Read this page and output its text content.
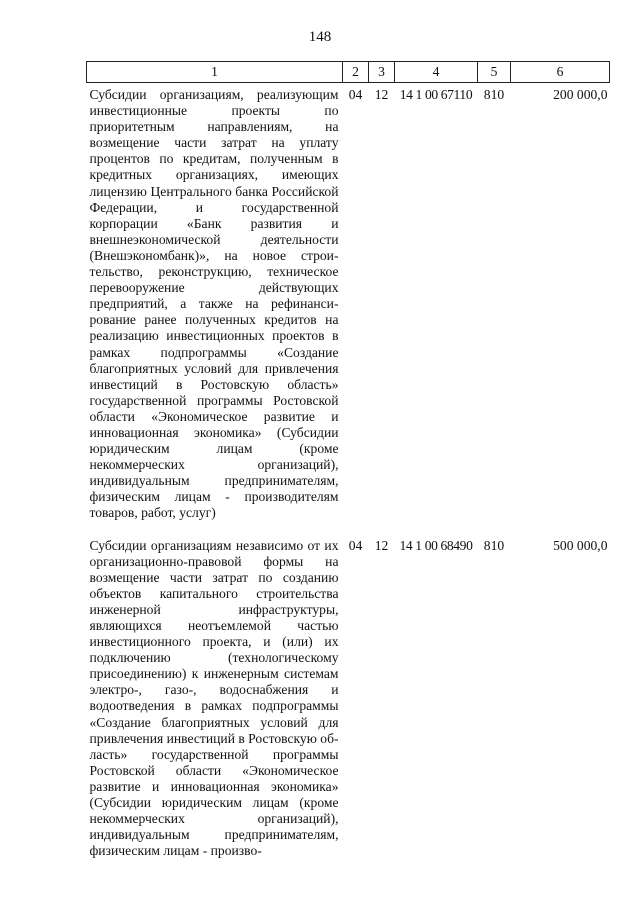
148
1	2	3	4	5	6
Субсидии организациям, реализующим инвестиционные проекты по приоритетным направлениям, на возмещение части затрат на уплату процентов по кредитам, полученным в кредитных организациях, имеющих лицензию Центрального банка Российской Федерации, и государственной корпорации «Банк развития и внешнеэкономической деятельности (Внешэкономбанк)», на новое строительство, реконструкцию, техническое перевооружение действующих предприятий, а также на рефинансирование ранее полученных кредитов на реализацию инвестиционных проектов в рамках подпрограммы «Создание благоприятных условий для привлечения инвестиций в Ростовскую область» государственной программы Ростовской области «Экономическое развитие и инновационная экономика» (Субсидии юридическим лицам (кроме некоммерческих организаций), индивидуальным предпринимателям, физическим лицам - производителям товаров, работ, услуг)	04	12	14 1 00 67110	810	200 000,0
Субсидии организациям независимо от их организационно-правовой формы на возмещение части затрат по созданию объектов капитального строительства инженерной инфраструктуры, являющихся неотъемлемой частью инвестиционного проекта, и (или) их подключению (технологическому присоединению) к инженерным системам электро-, газо-, водоснабжения и водоотведения в рамках подпрограммы «Создание благоприятных условий для привлечения инвестиций в Ростовскую область» государственной программы Ростовской области «Экономическое развитие и инновационная экономика» (Субсидии юридическим лицам (кроме некоммерческих организаций), индивидуальным предпринимателям, физическим лицам - произво-	04	12	14 1 00 68490	810	500 000,0
